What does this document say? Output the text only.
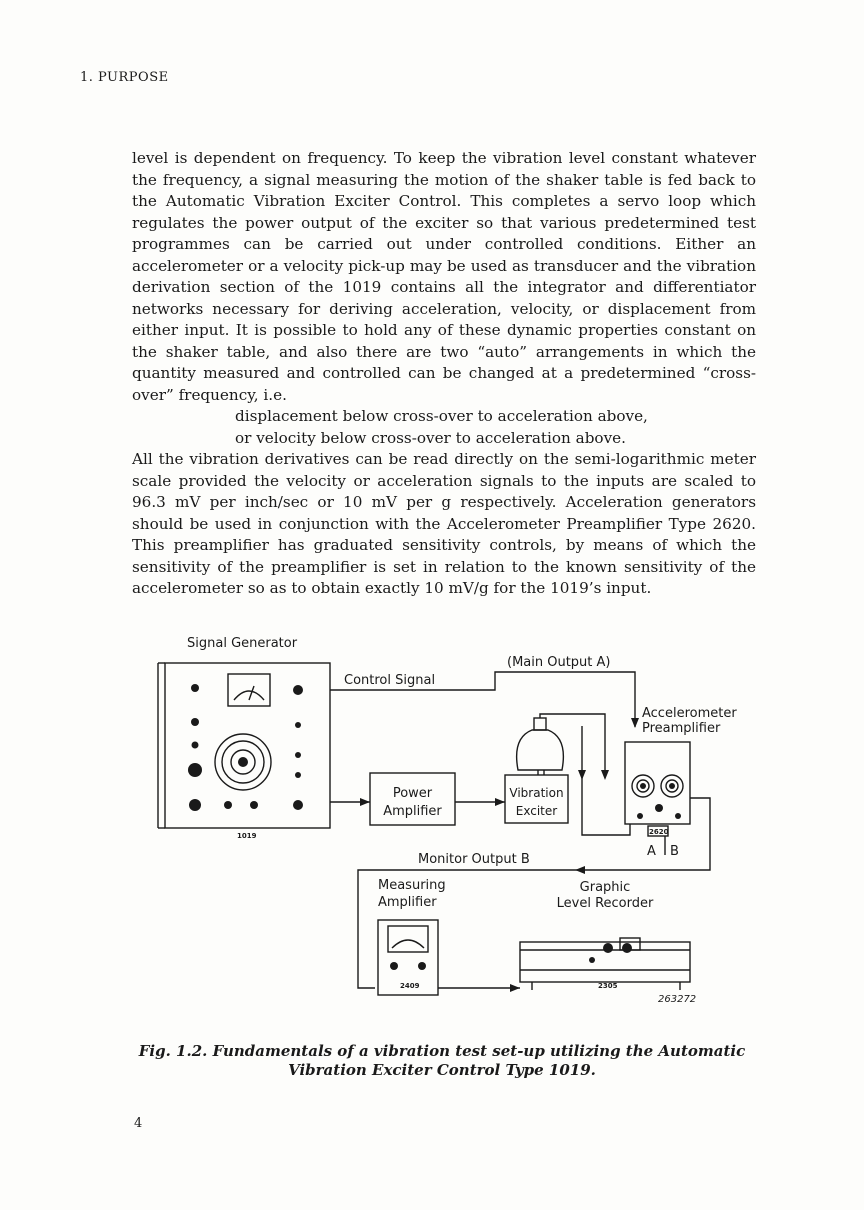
1. PURPOSE

level is dependent on frequency. To keep the vibration level constant whatever the frequency, a signal measuring the motion of the shaker table is fed back to the Automatic Vibration Exciter Control. This completes a servo loop which regulates the power output of the exciter so that various predetermined test programmes can be carried out under controlled conditions. Either an accelerometer or a velocity pick-up may be used as transducer and the vibration derivation section of the 1019 contains all the integrator and differentiator networks necessary for deriving acceleration, velocity, or displacement from either input. It is possible to hold any of these dynamic properties constant on the shaker table, and also there are two “auto” arrangements in which the quantity measured and controlled can be changed at a predetermined “cross-over” frequency, i.e.

displacement below cross-over to acceleration above,

or velocity below cross-over to acceleration above.

All the vibration derivatives can be read directly on the semi-logarithmic meter scale provided the velocity or acceleration signals to the inputs are scaled to 96.3 mV per inch/sec or 10 mV per g respectively. Acceleration generators should be used in conjunction with the Accelerometer Preamplifier Type 2620. This preamplifier has graduated sensitivity controls, by means of which the sensitivity of the preamplifier is set in relation to the known sensitivity of the accelerometer so as to obtain exactly 10 mV/g for the 1019’s input.

Signal Generator
(Main Output A)
Control Signal
Accelerometer
Preamplifier
Power
Amplifier
Vibration
Exciter
Monitor Output B
A B
Measuring
Amplifier
Graphic
Level Recorder
1019	2620
2409	2305
263272
Fig. 1.2. Fundamentals of a vibration test set-up utilizing the Automatic
Vibration Exciter Control Type 1019.
4
